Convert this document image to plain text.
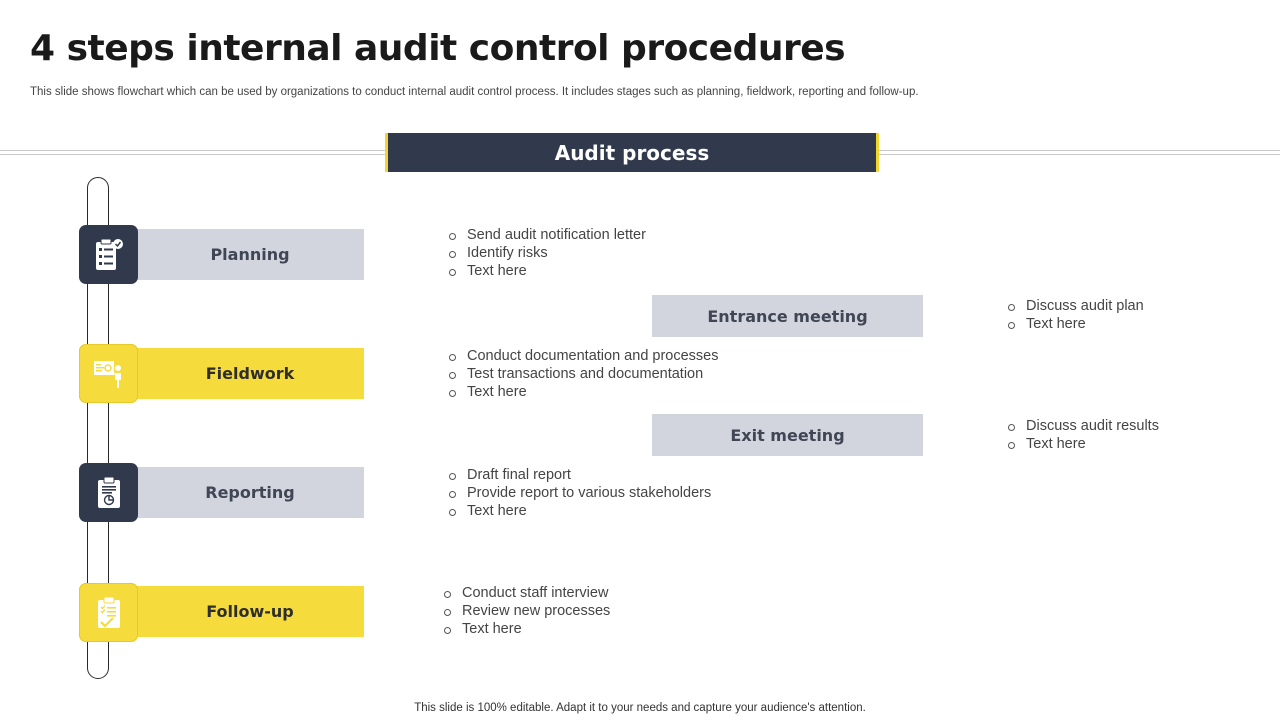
4 steps internal audit control procedures
This slide shows flowchart which can be used by organizations to conduct internal audit control process. It includes stages such as planning, fieldwork, reporting and follow-up.
Audit process
Planning
Send audit notification letter
Identify risks
Text here
Entrance meeting
Discuss audit plan
Text here
Fieldwork
Conduct documentation and processes
Test transactions and documentation
Text here
Exit meeting	Discuss audit results
Text here
Reporting
Draft final report
Provide report to various stakeholders
Text here
Follow-up
Conduct staff interview
Review new processes
Text here
This slide is 100% editable. Adapt it to your needs and capture your audience's attention.
